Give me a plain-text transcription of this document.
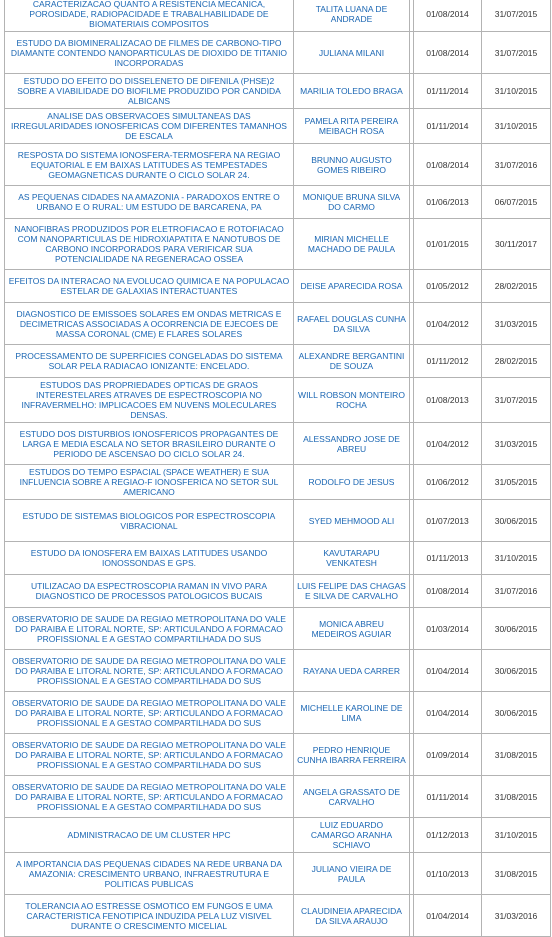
CARACTERIZACAO QUANTO A RESISTENCIA MECANICA, POROSIDADE, RADIOPACIDADE E TRABALHABILIDADE DE BIOMATERIAIS COMPOSITOS	TALITA LUANA DE ANDRADE		01/08/2014	31/07/2015
ESTUDO DA BIOMINERALIZACAO DE FILMES DE CARBONO-TIPO DIAMANTE CONTENDO NANOPARTICULAS DE DIOXIDO DE TITANIO INCORPORADAS	JULIANA MILANI		01/08/2014	31/07/2015
ESTUDO DO EFEITO DO DISSELENETO DE DIFENILA (PHSE)2 SOBRE A VIABILIDADE DO BIOFILME PRODUZIDO POR CANDIDA ALBICANS	MARILIA TOLEDO BRAGA		01/11/2014	31/10/2015
ANALISE DAS OBSERVACOES SIMULTANEAS DAS IRREGULARIDADES IONOSFERICAS COM DIFERENTES TAMANHOS DE ESCALA	PAMELA RITA PEREIRA MEIBACH ROSA		01/11/2014	31/10/2015
RESPOSTA DO SISTEMA IONOSFERA-TERMOSFERA NA REGIAO EQUATORIAL E EM BAIXAS LATITUDES AS TEMPESTADES GEOMAGNETICAS DURANTE O CICLO SOLAR 24.	BRUNNO AUGUSTO GOMES RIBEIRO		01/08/2014	31/07/2016
AS PEQUENAS CIDADES NA AMAZONIA - PARADOXOS ENTRE O URBANO E O RURAL: UM ESTUDO DE BARCARENA, PA	MONIQUE BRUNA SILVA DO CARMO		01/06/2013	06/07/2015
NANOFIBRAS PRODUZIDOS POR ELETROFIACAO E ROTOFIACAO COM NANOPARTICULAS DE HIDROXIAPATITA E NANOTUBOS DE CARBONO INCORPORADOS PARA VERIFICAR SUA POTENCIALIDADE NA REGENERACAO OSSEA	MIRIAN MICHELLE MACHADO DE PAULA		01/01/2015	30/11/2017
EFEITOS DA INTERACAO NA EVOLUCAO QUIMICA E NA POPULACAO ESTELAR DE GALAXIAS INTERACTUANTES	DEISE APARECIDA ROSA		01/05/2012	28/02/2015
DIAGNOSTICO DE EMISSOES SOLARES EM ONDAS METRICAS E DECIMETRICAS ASSOCIADAS A OCORRENCIA DE EJECOES DE MASSA CORONAL (CME) E FLARES SOLARES	RAFAEL DOUGLAS CUNHA DA SILVA		01/04/2012	31/03/2015
PROCESSAMENTO DE SUPERFICIES CONGELADAS DO SISTEMA SOLAR PELA RADIACAO IONIZANTE: ENCELADO.	ALEXANDRE BERGANTINI DE SOUZA		01/11/2012	28/02/2015
ESTUDOS DAS PROPRIEDADES OPTICAS DE GRAOS INTERESTELARES ATRAVES DE ESPECTROSCOPIA NO INFRAVERMELHO: IMPLICACOES EM NUVENS MOLECULARES DENSAS.	WILL ROBSON MONTEIRO ROCHA		01/08/2013	31/07/2015
ESTUDO DOS DISTURBIOS IONOSFERICOS PROPAGANTES DE LARGA E MEDIA ESCALA NO SETOR BRASILEIRO DURANTE O PERIODO DE ASCENSAO DO CICLO SOLAR 24.	ALESSANDRO JOSE DE ABREU		01/04/2012	31/03/2015
ESTUDOS DO TEMPO ESPACIAL (SPACE WEATHER) E SUA INFLUENCIA SOBRE A REGIAO-F IONOSFERICA NO SETOR SUL AMERICANO	RODOLFO DE JESUS		01/06/2012	31/05/2015
ESTUDO DE SISTEMAS BIOLOGICOS POR ESPECTROSCOPIA VIBRACIONAL	SYED MEHMOOD ALI		01/07/2013	30/06/2015
ESTUDO DA IONOSFERA EM BAIXAS LATITUDES USANDO IONOSSONDAS E GPS.	KAVUTARAPU VENKATESH		01/11/2013	31/10/2015
UTILIZACAO DA ESPECTROSCOPIA RAMAN IN VIVO PARA DIAGNOSTICO DE PROCESSOS PATOLOGICOS BUCAIS	LUIS FELIPE DAS CHAGAS E SILVA DE CARVALHO		01/08/2014	31/07/2016
OBSERVATORIO DE SAUDE DA REGIAO METROPOLITANA DO VALE DO PARAIBA E LITORAL NORTE, SP: ARTICULANDO A FORMACAO PROFISSIONAL E A GESTAO COMPARTILHADA DO SUS	MONICA ABREU MEDEIROS AGUIAR		01/03/2014	30/06/2015
OBSERVATORIO DE SAUDE DA REGIAO METROPOLITANA DO VALE DO PARAIBA E LITORAL NORTE, SP: ARTICULANDO A FORMACAO PROFISSIONAL E A GESTAO COMPARTILHADA DO SUS	RAYANA UEDA CARRER		01/04/2014	30/06/2015
OBSERVATORIO DE SAUDE DA REGIAO METROPOLITANA DO VALE DO PARAIBA E LITORAL NORTE, SP: ARTICULANDO A FORMACAO PROFISSIONAL E A GESTAO COMPARTILHADA DO SUS	MICHELLE KAROLINE DE LIMA		01/04/2014	30/06/2015
OBSERVATORIO DE SAUDE DA REGIAO METROPOLITANA DO VALE DO PARAIBA E LITORAL NORTE, SP: ARTICULANDO A FORMACAO PROFISSIONAL E A GESTAO COMPARTILHADA DO SUS	PEDRO HENRIQUE CUNHA IBARRA FERREIRA		01/09/2014	31/08/2015
OBSERVATORIO DE SAUDE DA REGIAO METROPOLITANA DO VALE DO PARAIBA E LITORAL NORTE, SP: ARTICULANDO A FORMACAO PROFISSIONAL E A GESTAO COMPARTILHADA DO SUS	ANGELA GRASSATO DE CARVALHO		01/11/2014	31/08/2015
ADMINISTRACAO DE UM CLUSTER HPC	LUIZ EDUARDO CAMARGO ARANHA SCHIAVO		01/12/2013	31/10/2015
A IMPORTANCIA DAS PEQUENAS CIDADES NA REDE URBANA DA AMAZONIA: CRESCIMENTO URBANO, INFRAESTRUTURA E POLITICAS PUBLICAS	JULIANO VIEIRA DE PAULA		01/10/2013	31/08/2015
TOLERANCIA AO ESTRESSE OSMOTICO EM FUNGOS E UMA CARACTERISTICA FENOTIPICA INDUZIDA PELA LUZ VISIVEL DURANTE O CRESCIMENTO MICELIAL	CLAUDINEIA APARECIDA DA SILVA ARAUJO		01/04/2014	31/03/2016
